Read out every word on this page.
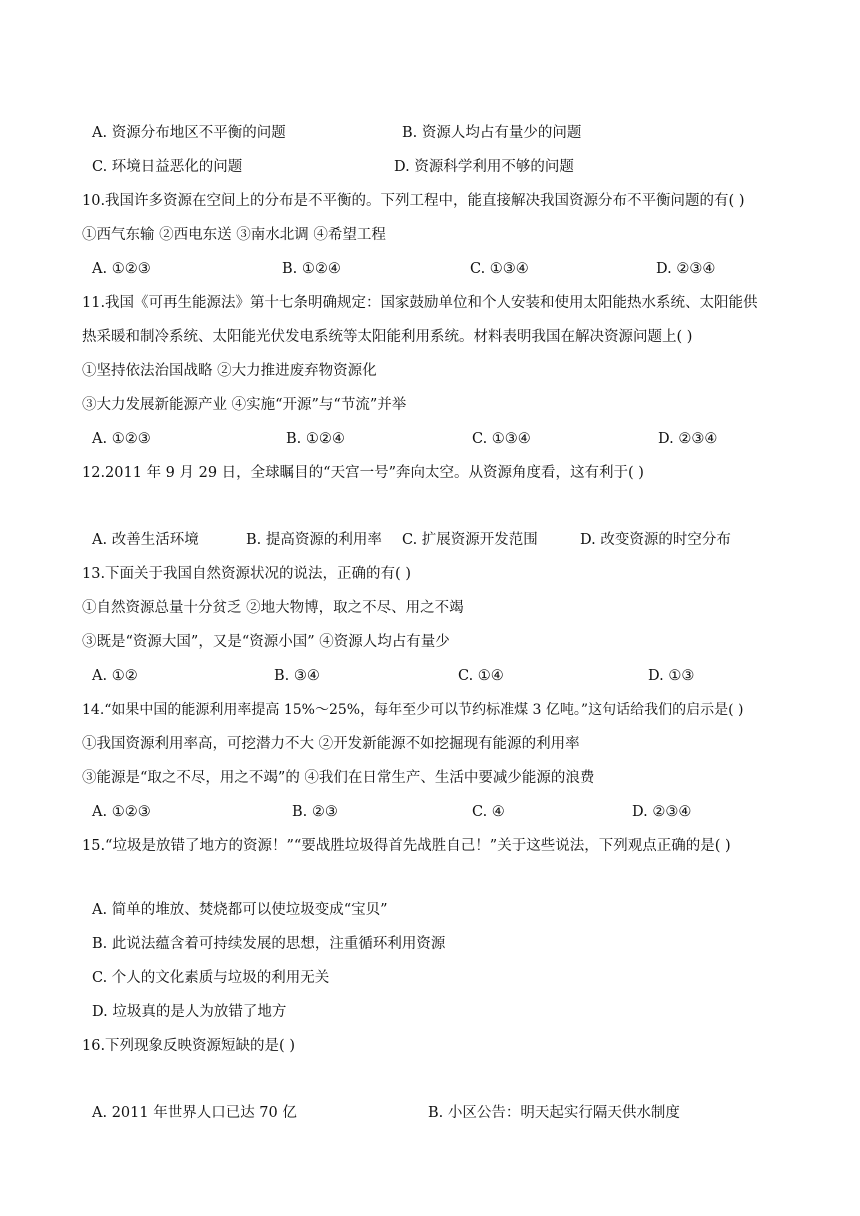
A. 资源分布地区不平衡的问题	B. 资源人均占有量少的问题
C. 环境日益恶化的问题	D. 资源科学利用不够的问题
10.我国许多资源在空间上的分布是不平衡的。下列工程中，能直接解决我国资源分布不平衡问题的有( )
①西气东输 ②西电东送 ③南水北调 ④希望工程
A. ①②③	B. ①②④	C. ①③④	D. ②③④
11.我国《可再生能源法》第十七条明确规定：国家鼓励单位和个人安装和使用太阳能热水系统、太阳能供
热采暖和制冷系统、太阳能光伏发电系统等太阳能利用系统。材料表明我国在解决资源问题上( )
①坚持依法治国战略 ②大力推进废弃物资源化
③大力发展新能源产业 ④实施“开源”与“节流”并举
A. ①②③	B. ①②④	C. ①③④	D. ②③④
12.2011 年 9 月 29 日，全球瞩目的“天宫一号”奔向太空。从资源角度看，这有利于( )
A. 改善生活环境	B. 提高资源的利用率 C. 扩展资源开发范围	D. 改变资源的时空分布
13.下面关于我国自然资源状况的说法，正确的有( )
①自然资源总量十分贫乏 ②地大物博，取之不尽、用之不竭
③既是“资源大国”，又是“资源小国” ④资源人均占有量少
A. ①②	B. ③④	C. ①④	D. ①③
14.“如果中国的能源利用率提高 15%～25%，每年至少可以节约标准煤 3 亿吨。”这句话给我们的启示是( )
①我国资源利用率高，可挖潜力不大 ②开发新能源不如挖掘现有能源的利用率
③能源是“取之不尽，用之不竭”的 ④我们在日常生产、生活中要减少能源的浪费
A. ①②③	B. ②③	C. ④	D. ②③④
15.“垃圾是放错了地方的资源！”“要战胜垃圾得首先战胜自己！”关于这些说法，下列观点正确的是( )
A. 简单的堆放、焚烧都可以使垃圾变成“宝贝”
B. 此说法蕴含着可持续发展的思想，注重循环利用资源
C. 个人的文化素质与垃圾的利用无关
D. 垃圾真的是人为放错了地方
16.下列现象反映资源短缺的是( )
A. 2011 年世界人口已达 70 亿	B. 小区公告：明天起实行隔天供水制度
